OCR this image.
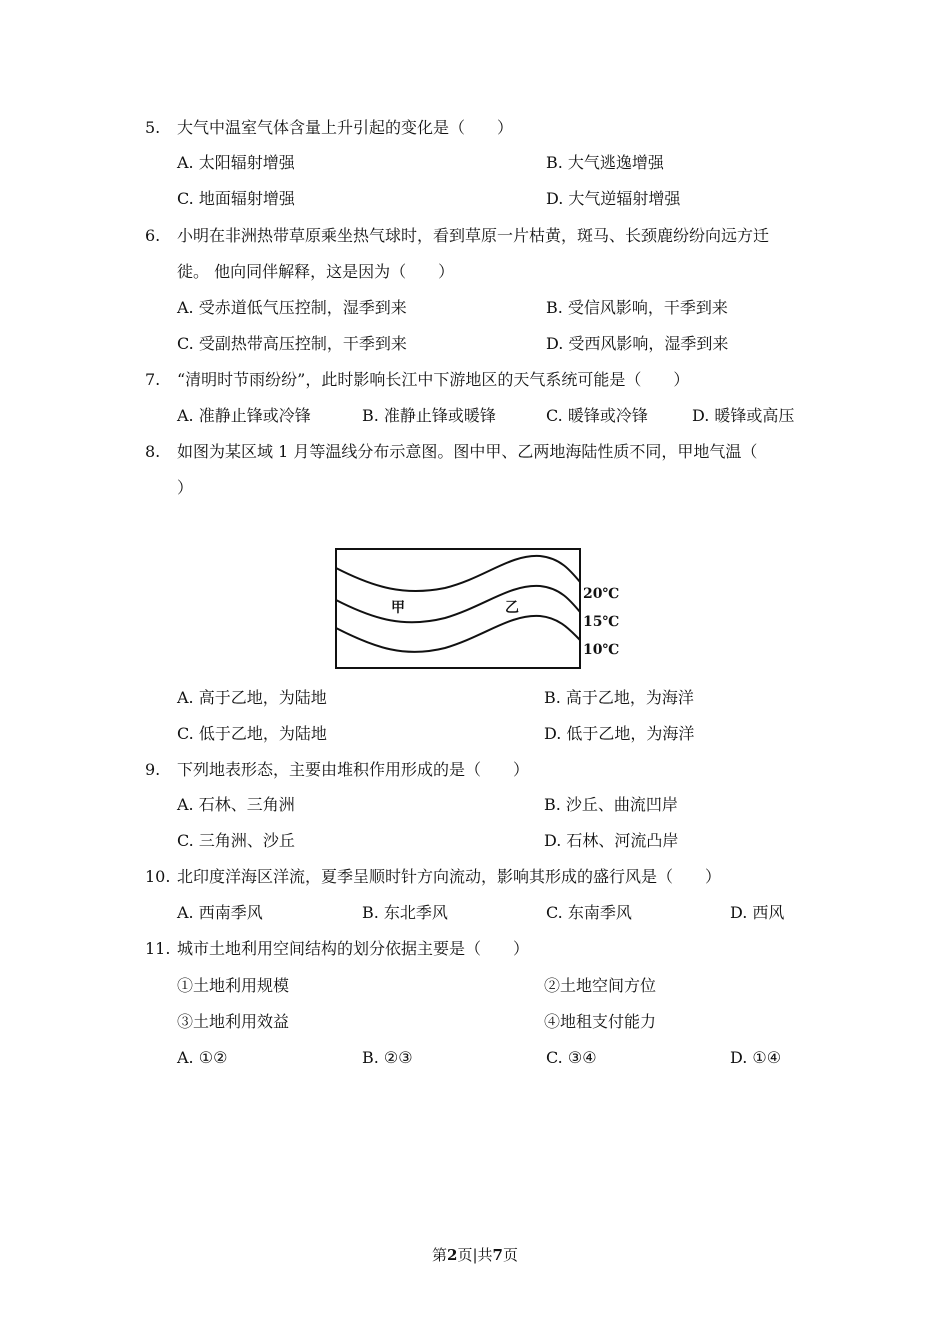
5. 大气中温室气体含量上升引起的变化是（　　）
A. 太阳辐射增强	B. 大气逃逸增强
C. 地面辐射增强	D. 大气逆辐射增强
6. 小明在非洲热带草原乘坐热气球时，看到草原一片枯黄，斑马、长颈鹿纷纷向远方迁
徙。 他向同伴解释，这是因为（　　）
A. 受赤道低气压控制，湿季到来	B. 受信风影响，干季到来
C. 受副热带高压控制，干季到来	D. 受西风影响，湿季到来
7. “清明时节雨纷纷”，此时影响长江中下游地区的天气系统可能是（　　）
A. 准静止锋或冷锋	B. 准静止锋或暖锋	C. 暖锋或冷锋	D. 暖锋或高压
8. 如图为某区域 1 月等温线分布示意图。图中甲、乙两地海陆性质不同，甲地气温（
）
甲	乙
20℃
15℃
10℃
A. 高于乙地，为陆地	B. 高于乙地，为海洋
C. 低于乙地，为陆地	D. 低于乙地，为海洋
9. 下列地表形态，主要由堆积作用形成的是（　　）
A. 石林、三角洲	B. 沙丘、曲流凹岸
C. 三角洲、沙丘	D. 石林、河流凸岸
10. 北印度洋海区洋流，夏季呈顺时针方向流动，影响其形成的盛行风是（　　）
A. 西南季风	B. 东北季风	C. 东南季风	D. 西风
11. 城市土地利用空间结构的划分依据主要是（　　）
①土地利用规模	②土地空间方位
③土地利用效益	④地租支付能力
A. ①②	B. ②③	C. ③④	D. ①④
第2页|共7页
